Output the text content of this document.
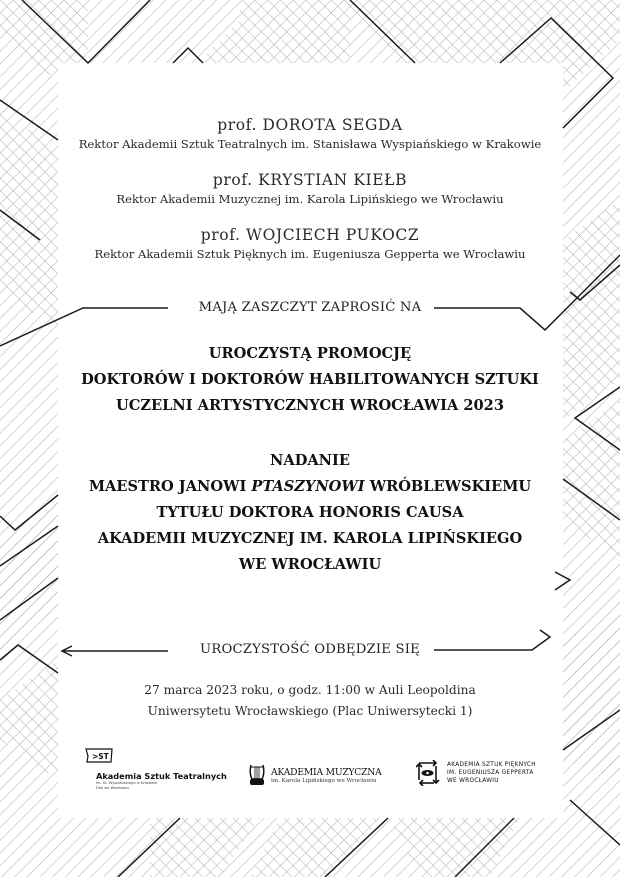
prof. DOROTA SEGDA
Rektor Akademii Sztuk Teatralnych im. Stanisława Wyspiańskiego w Krakowie
prof. KRYSTIAN KIEŁB
Rektor Akademii Muzycznej im. Karola Lipińskiego we Wrocławiu
prof. WOJCIECH PUKOCZ
Rektor Akademii Sztuk Pięknych im. Eugeniusza Gepperta we Wrocławiu
MAJĄ ZASZCZYT ZAPROSIĆ NA
UROCZYSTĄ PROMOCJĘ
DOKTORÓW I DOKTORÓW HABILITOWANYCH SZTUKI
UCZELNI ARTYSTYCZNYCH WROCŁAWIA 2023
NADANIE
MAESTRO JANOWI PTASZYNOWI WRÓBLEWSKIEMU
TYTUŁU DOKTORA HONORIS CAUSA
AKADEMII MUZYCZNEJ IM. KAROLA LIPIŃSKIEGO
WE WROCŁAWIU
UROCZYSTOŚĆ ODBĘDZIE SIĘ
27 marca 2023 roku, o godz. 11:00 w Auli Leopoldina
Uniwersytetu Wrocławskiego (Plac Uniwersytecki 1)
>ST
Akademia Sztuk Teatralnych
im. St. Wyspiańskiego w Krakowie
Filia we Wrocławiu
AKADEMIA MUZYCZNA
im. Karola Lipińskiego we Wrocławiu
AKADEMIA SZTUK PIĘKNYCH
IM. EUGENIUSZA GEPPERTA
WE WROCŁAWIU
